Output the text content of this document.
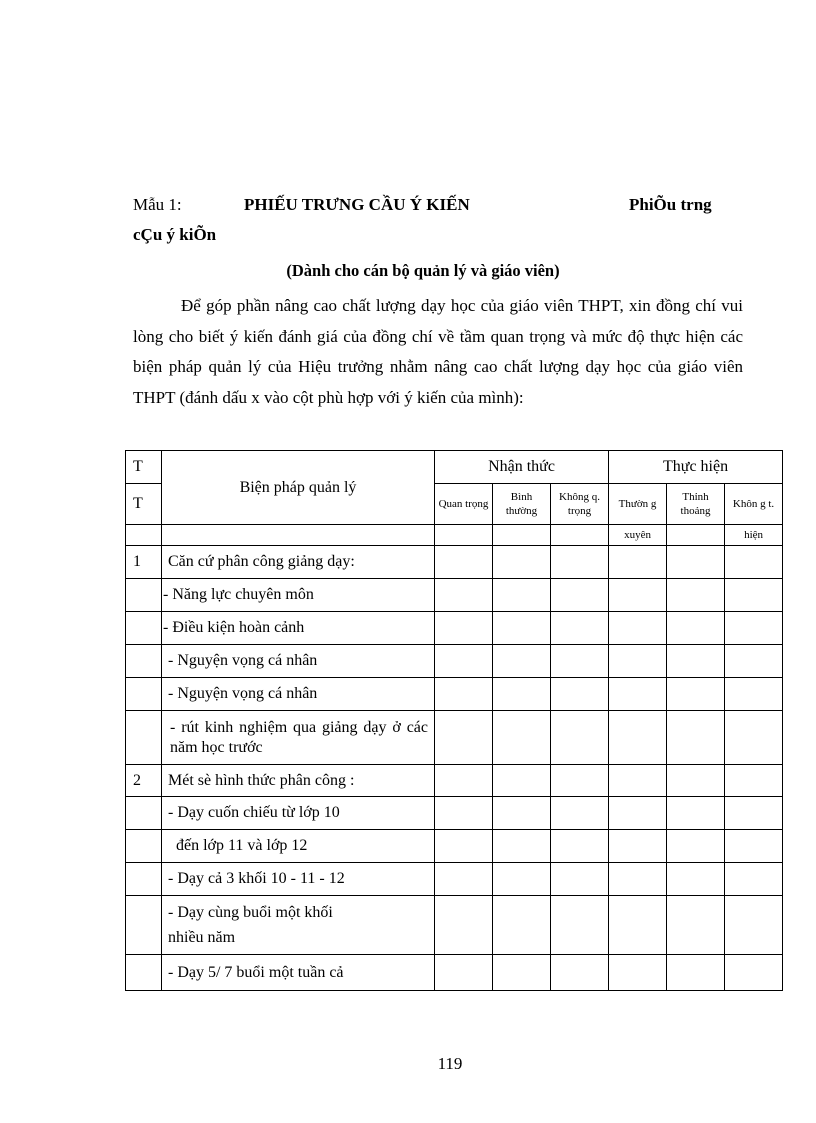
Mẫu 1:	PHIẾU TRƯNG CẦU Ý KIẾN	PhiÕu trng
cÇu ý kiÕn
(Dành cho cán bộ quản lý và giáo viên)

Để góp phần nâng cao chất lượng dạy học của giáo viên THPT, xin đồng chí vui lòng cho biết ý kiến đánh giá của đồng chí về tầm quan trọng và mức độ thực hiện các biện pháp quản lý của Hiệu trưởng nhằm nâng cao chất lượng dạy học của giáo viên THPT (đánh dấu x vào cột phù hợp với ý kiến của mình):

T	Biện pháp quản lý	Nhận thức			Thực hiện		
T		Quan trọng	Bình thường	Không q. trọng	Thườn g	Thỉnh thoảng	Khôn g t.
					xuyên		hiện
1	Căn cứ phân công giảng dạy:						
	- Năng lực chuyên môn						
	- Điều kiện hoàn cảnh						
	- Nguyện vọng cá nhân						
	- Nguyện vọng cá nhân						
	- rút kinh nghiệm qua giảng dạy ở các năm học trước						
2	Mét sè hình thức phân công :						
	- Dạy cuốn chiếu từ lớp 10						
	đến lớp 11 và lớp 12						
	- Dạy cả 3 khối 10 - 11 - 12						
	- Dạy cùng buổi một khối nhiều năm						
	- Dạy 5/ 7 buổi một tuần cả						
119
